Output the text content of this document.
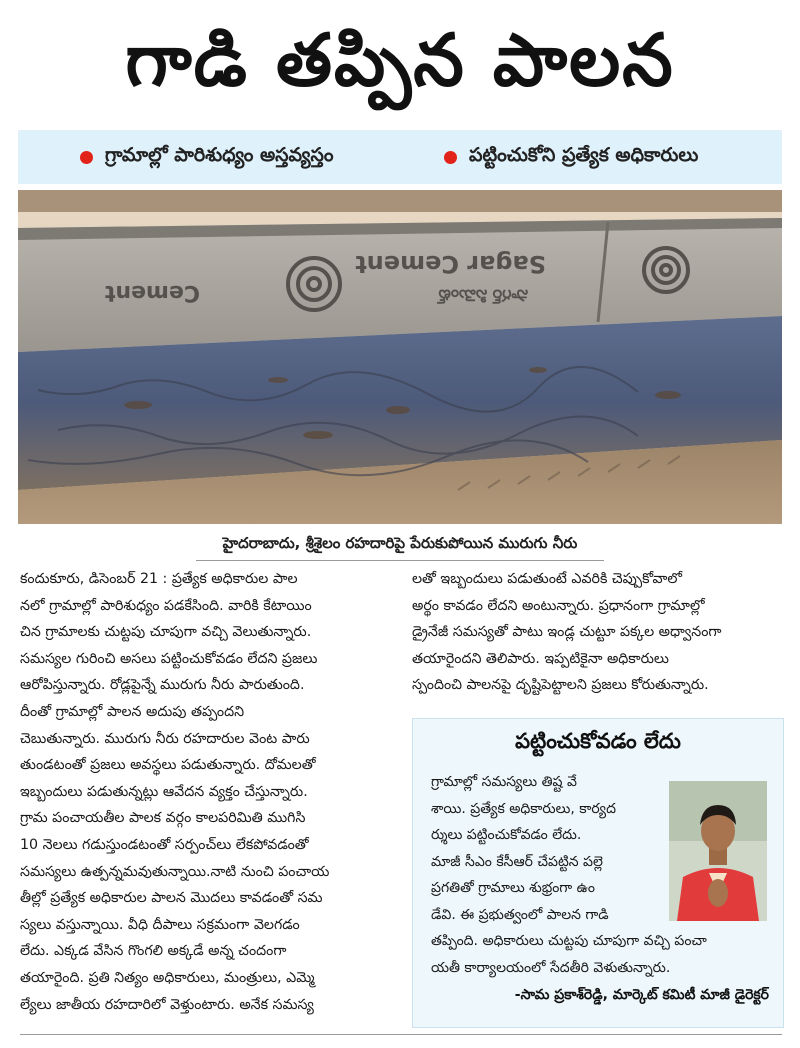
గాడి తప్పిన పాలన
గ్రామాల్లో పారిశుధ్యం అస్తవ్యస్తం	పట్టించుకోని ప్రత్యేక అధికారులు
Cement
Sagar Cement
సాగర్ సిమెంట్
హైదరాబాదు, శ్రీశైలం రహదారిపై పేరుకుపోయిన మురుగు నీరు
కందుకూరు, డిసెంబర్ 21 : ప్రత్యేక అధికారుల పాల
నలో గ్రామాల్లో పారిశుధ్యం పడకేసింది. వారికి కేటాయిం
చిన గ్రామాలకు చుట్టపు చూపుగా వచ్చి వెలుతున్నారు.
సమస్యల గురించి అసలు పట్టించుకోవడం లేదని ప్రజలు
ఆరోపిస్తున్నారు. రోడ్లపైన్నే మురుగు నీరు పారుతుంది.
దీంతో గ్రామాల్లో పాలన అదుపు తప్పందని
చెబుతున్నారు. మురుగు నీరు రహదారుల వెంట పారు
తుండటంతో ప్రజలు అవస్థలు పడుతున్నారు. దోమలతో
ఇబ్బందులు పడుతున్నట్లు ఆవేదన వ్యక్తం చేస్తున్నారు.
గ్రామ పంచాయతీల పాలక వర్గం కాలపరిమితి ముగిసి
10 నెలలు గడుస్తుండటంతో సర్పంచ్‌లు లేకపోవడంతో
సమస్యలు ఉత్పన్నమవుతున్నాయి.నాటి నుంచి పంచాయ
తీల్లో ప్రత్యేక అధికారుల పాలన మొదలు కావడంతో సమ
స్యలు వస్తున్నాయి. వీధి దీపాలు సక్రమంగా వెలగడం
లేదు. ఎక్కడ వేసిన గొంగలి అక్కడే అన్న చందంగా
తయారైంది. ప్రతి నిత్యం అధికారులు, మంత్రులు, ఎమ్మె
ల్యేలు జాతీయ రహదారిలో వెళ్తుంటారు. అనేక సమస్య
లతో ఇబ్బందులు పడుతుంటే ఎవరికి చెప్పుకోవాలో
అర్థం కావడం లేదని అంటున్నారు. ప్రధానంగా గ్రామాల్లో
డ్రైనేజీ సమస్యతో పాటు ఇండ్ల చుట్టూ పక్కల అధ్వానంగా
తయారైందని తెలిపారు. ఇప్పటికైనా అధికారులు
స్పందించి పాలనపై దృష్టిపెట్టాలని ప్రజలు కోరుతున్నారు.
పట్టించుకోవడం లేదు
గ్రామాల్లో సమస్యలు తిష్ట వే
శాయి. ప్రత్యేక అధికారులు, కార్యద
ర్శులు పట్టించుకోవడం లేదు.
మాజీ సీఎం కేసీఆర్ చేపట్టిన పల్లె
ప్రగతితో గ్రామాలు శుభ్రంగా ఉం
డేవి. ఈ ప్రభుత్వంలో పాలన గాడి
తప్పింది. అధికారులు చుట్టపు చూపుగా వచ్చి పంచా
యతీ కార్యాలయంలో సేదతీరి వెళుతున్నారు.
-సామ ప్రకాశ్‌రెడ్డి, మార్కెట్ కమిటీ మాజీ డైరెక్టర్
